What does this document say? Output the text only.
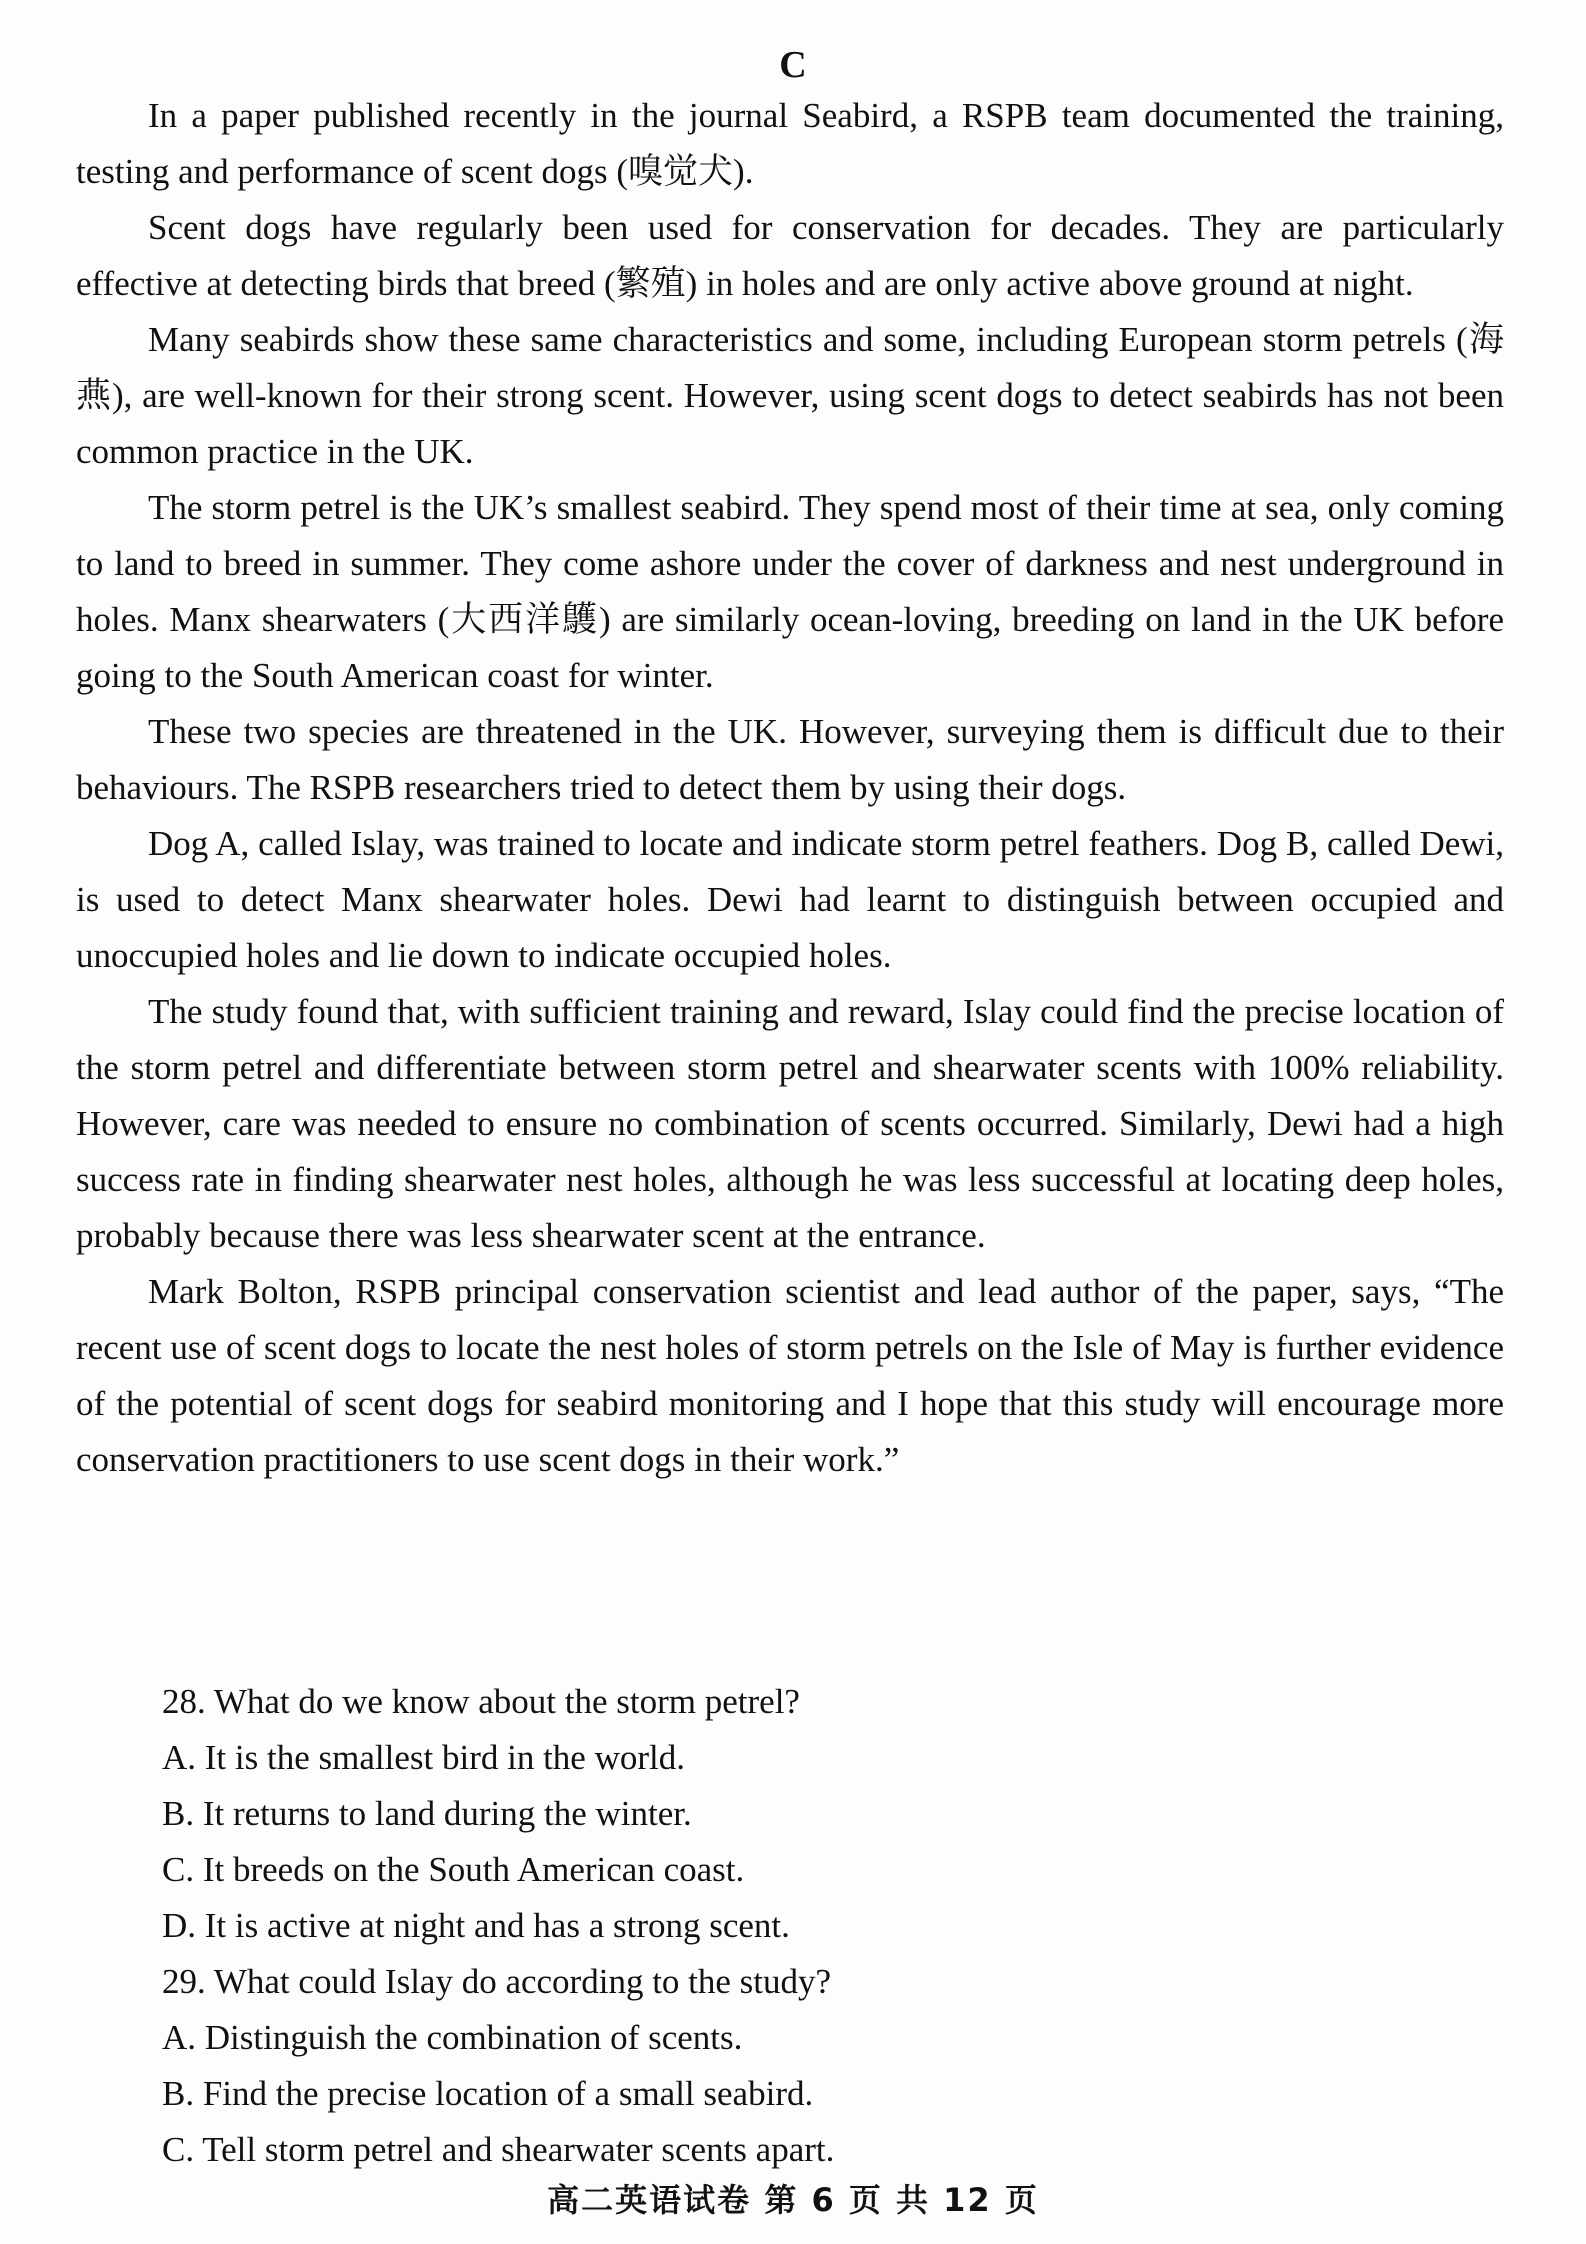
C

In a paper published recently in the journal Seabird, a RSPB team documented the training, testing and performance of scent dogs (嗅觉犬).

Scent dogs have regularly been used for conservation for decades. They are particularly effective at detecting birds that breed (繁殖) in holes and are only active above ground at night.

Many seabirds show these same characteristics and some, including European storm petrels (海燕), are well-known for their strong scent. However, using scent dogs to detect seabirds has not been common practice in the UK.

The storm petrel is the UK’s smallest seabird. They spend most of their time at sea, only coming to land to breed in summer. They come ashore under the cover of darkness and nest underground in holes. Manx shearwaters (大西洋鸌) are similarly ocean-loving, breeding on land in the UK before going to the South American coast for winter.

These two species are threatened in the UK. However, surveying them is difficult due to their behaviours. The RSPB researchers tried to detect them by using their dogs.

Dog A, called Islay, was trained to locate and indicate storm petrel feathers. Dog B, called Dewi, is used to detect Manx shearwater holes. Dewi had learnt to distinguish between occupied and unoccupied holes and lie down to indicate occupied holes.

The study found that, with sufficient training and reward, Islay could find the precise location of the storm petrel and differentiate between storm petrel and shearwater scents with 100% reliability. However, care was needed to ensure no combination of scents occurred. Similarly, Dewi had a high success rate in finding shearwater nest holes, although he was less successful at locating deep holes, probably because there was less shearwater scent at the entrance.

Mark Bolton, RSPB principal conservation scientist and lead author of the paper, says, “The recent use of scent dogs to locate the nest holes of storm petrels on the Isle of May is further evidence of the potential of scent dogs for seabird monitoring and I hope that this study will encourage more conservation practitioners to use scent dogs in their work.”

28. What do we know about the storm petrel?

A. It is the smallest bird in the world.

B. It returns to land during the winter.

C. It breeds on the South American coast.

D. It is active at night and has a strong scent.

29. What could Islay do according to the study?

A. Distinguish the combination of scents.

B. Find the precise location of a small seabird.

C. Tell storm petrel and shearwater scents apart.

高二英语试卷 第 6 页 共 12 页
